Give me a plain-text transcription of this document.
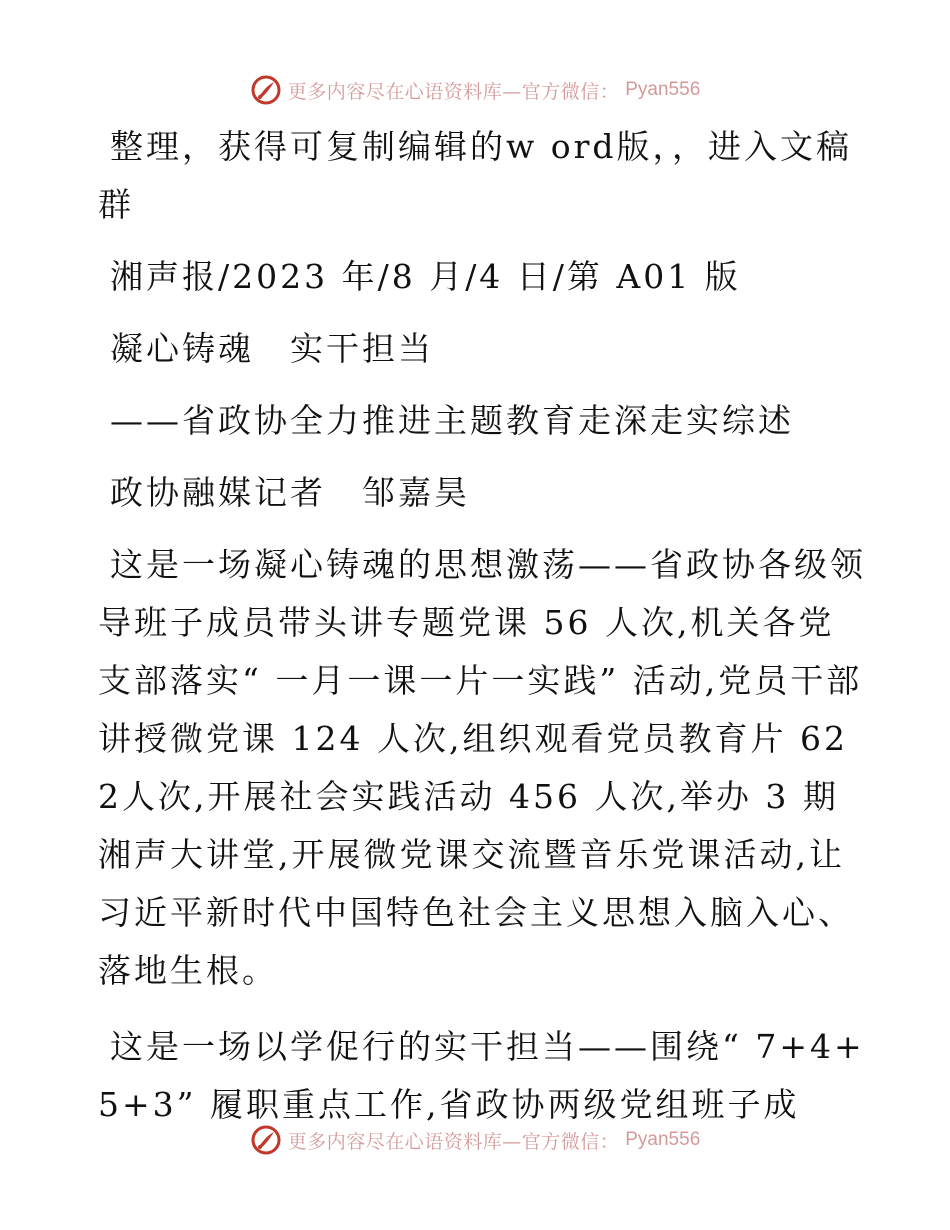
更多内容尽在心语资料库—官方微信： Pyan556

整理，获得可复制编辑的w ord版，，进入文稿群

湘声报/2023 年/8 月/4 日/第 A01 版

凝心铸魂　实干担当

——省政协全力推进主题教育走深走实综述

政协融媒记者　邹嘉昊

这是一场凝心铸魂的思想激荡——省政协各级领导班子成员带头讲专题党课 56 人次,机关各党支部落实“ 一月一课一片一实践” 活动,党员干部讲授微党课 124 人次,组织观看党员教育片 622人次,开展社会实践活动 456 人次,举办 3 期湘声大讲堂,开展微党课交流暨音乐党课活动,让习近平新时代中国特色社会主义思想入脑入心、落地生根。

这是一场以学促行的实干担当——围绕“ 7+4+5+3” 履职重点工作,省政协两级党组班子成

更多内容尽在心语资料库—官方微信： Pyan556
